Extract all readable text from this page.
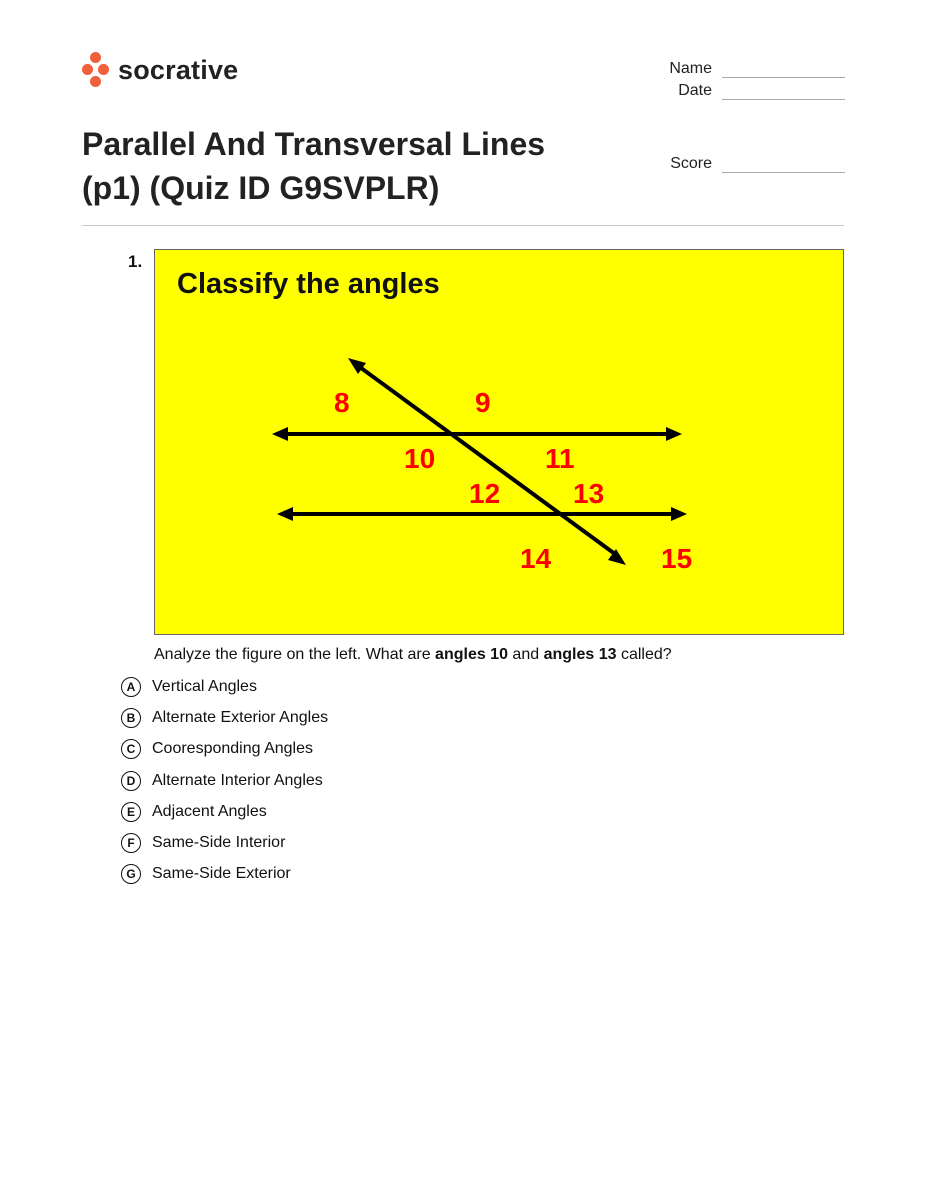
socrative	Name
Date
Score
Parallel And Transversal Lines
(p1) (Quiz ID G9SVPLR)
1.
Classify the angles
8	9
10	11
12	13
14	15
Analyze the figure on the left. What are angles 10 and angles 13 called?
A	Vertical Angles
B	Alternate Exterior Angles
C	Cooresponding Angles
D	Alternate Interior Angles
E	Adjacent Angles
F	Same-Side Interior
G	Same-Side Exterior
